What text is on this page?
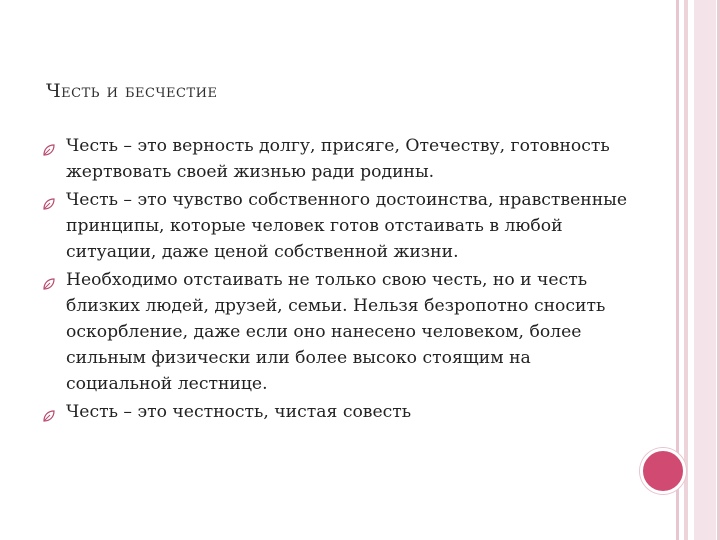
Честь и бесчестие
Честь – это верность долгу, присяге, Отечеству, готовность жертвовать своей жизнью ради родины.
Честь – это чувство собственного достоинства, нравственные принципы, которые человек готов отстаивать в любой ситуации, даже ценой собственной жизни.
Необходимо отстаивать не только свою честь, но и честь близких людей, друзей, семьи. Нельзя безропотно сносить оскорбление, даже если оно нанесено человеком, более сильным физически или более высоко стоящим на социальной лестнице.
Честь – это честность, чистая совесть
